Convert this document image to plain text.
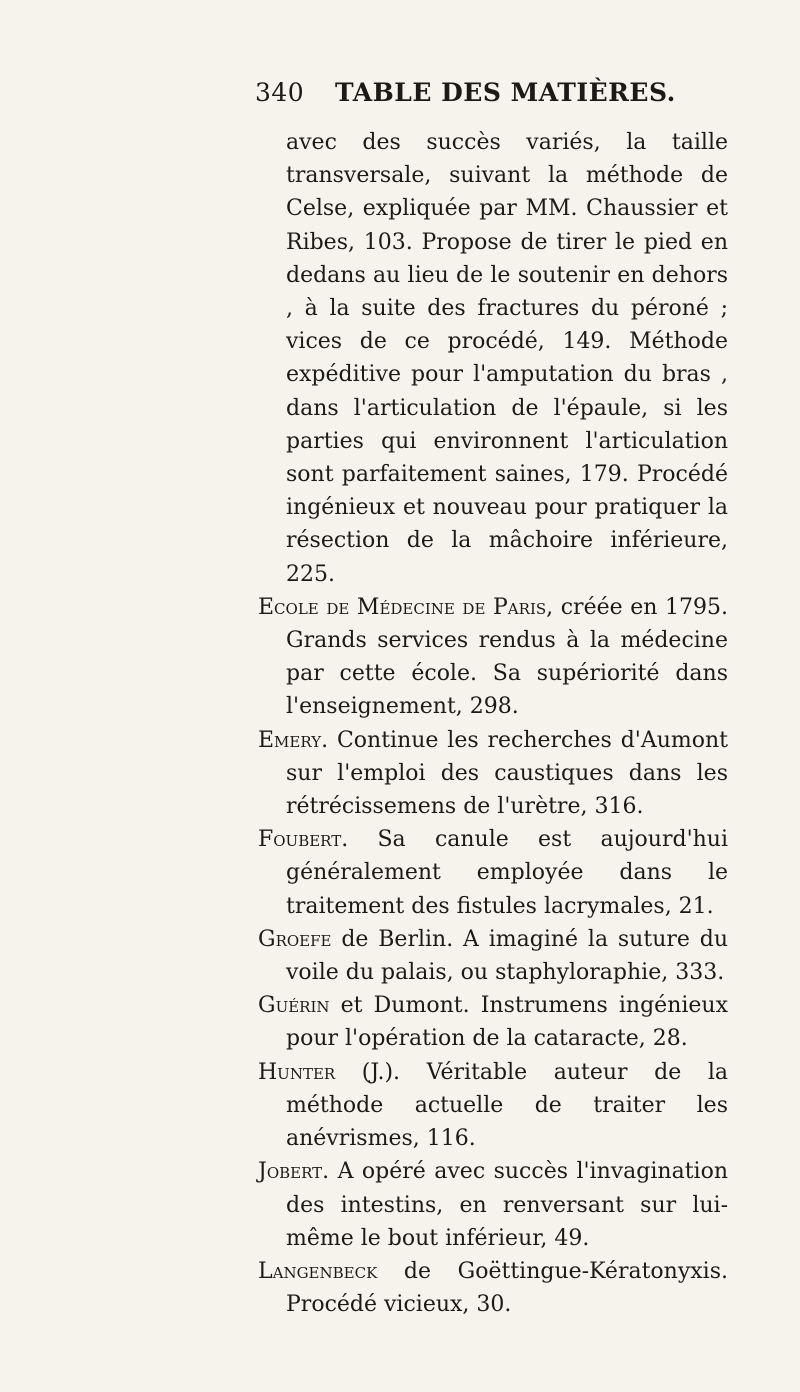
340 TABLE DES MATIÈRES.

avec des succès variés, la taille transversale, suivant la méthode de Celse, expliquée par MM. Chaussier et Ribes, 103. Propose de tirer le pied en dedans au lieu de le soutenir en dehors , à la suite des fractures du péroné ; vices de ce procédé, 149. Méthode expéditive pour l'amputation du bras , dans l'articulation de l'épaule, si les parties qui environnent l'articulation sont parfaitement saines, 179. Procédé ingénieux et nouveau pour pratiquer la résection de la mâchoire inférieure, 225.

Ecole de Médecine de Paris, créée en 1795. Grands services rendus à la médecine par cette école. Sa supériorité dans l'enseignement, 298.

Emery. Continue les recherches d'Aumont sur l'emploi des caustiques dans les rétrécissemens de l'urètre, 316.

Foubert. Sa canule est aujourd'hui généralement employée dans le traitement des fistules lacrymales, 21.

Groefe de Berlin. A imaginé la suture du voile du palais, ou staphyloraphie, 333.

Guérin et Dumont. Instrumens ingénieux pour l'opération de la cataracte, 28.

Hunter (J.). Véritable auteur de la méthode actuelle de traiter les anévrismes, 116.

Jobert. A opéré avec succès l'invagination des intestins, en renversant sur lui-même le bout inférieur, 49.

Langenbeck de Goëttingue-Kératonyxis. Procédé vicieux, 30.
